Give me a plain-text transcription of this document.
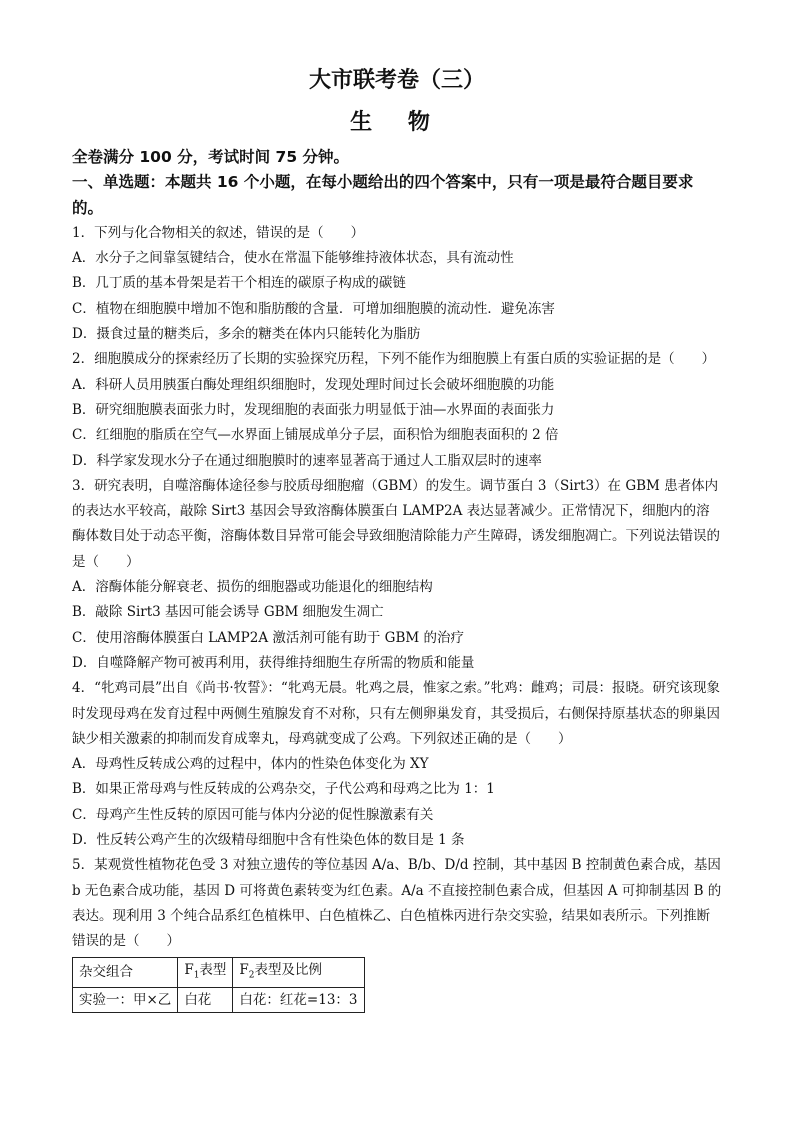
大市联考卷（三）
生 物

全卷满分 100 分，考试时间 75 分钟。

一、单选题：本题共 16 个小题，在每小题给出的四个答案中，只有一项是最符合题目要求的。

1．下列与化合物相关的叙述，错误的是（　　）

A．水分子之间靠氢键结合，使水在常温下能够维持液体状态，具有流动性

B．几丁质的基本骨架是若干个相连的碳原子构成的碳链

C．植物在细胞膜中增加不饱和脂肪酸的含量．可增加细胞膜的流动性．避免冻害

D．摄食过量的糖类后，多余的糖类在体内只能转化为脂肪

2．细胞膜成分的探索经历了长期的实验探究历程，下列不能作为细胞膜上有蛋白质的实验证据的是（　　）

A．科研人员用胰蛋白酶处理组织细胞时，发现处理时间过长会破坏细胞膜的功能

B．研究细胞膜表面张力时，发现细胞的表面张力明显低于油—水界面的表面张力

C．红细胞的脂质在空气—水界面上铺展成单分子层，面积恰为细胞表面积的 2 倍

D．科学家发现水分子在通过细胞膜时的速率显著高于通过人工脂双层时的速率

3．研究表明，自噬溶酶体途径参与胶质母细胞瘤（GBM）的发生。调节蛋白 3（Sirt3）在 GBM 患者体内的表达水平较高，敲除 Sirt3 基因会导致溶酶体膜蛋白 LAMP2A 表达显著减少。正常情况下，细胞内的溶酶体数目处于动态平衡，溶酶体数目异常可能会导致细胞清除能力产生障碍，诱发细胞凋亡。下列说法错误的是（　　）

A．溶酶体能分解衰老、损伤的细胞器或功能退化的细胞结构

B．敲除 Sirt3 基因可能会诱导 GBM 细胞发生凋亡

C．使用溶酶体膜蛋白 LAMP2A 激活剂可能有助于 GBM 的治疗

D．自噬降解产物可被再利用，获得维持细胞生存所需的物质和能量

4．“牝鸡司晨”出自《尚书·牧誓》：“牝鸡无晨。牝鸡之晨，惟家之索。”牝鸡：雌鸡；司晨：报晓。研究该现象时发现母鸡在发育过程中两侧生殖腺发育不对称，只有左侧卵巢发育，其受损后，右侧保持原基状态的卵巢因缺少相关激素的抑制而发育成睾丸，母鸡就变成了公鸡。下列叙述正确的是（　　）

A．母鸡性反转成公鸡的过程中，体内的性染色体变化为 XY

B．如果正常母鸡与性反转成的公鸡杂交，子代公鸡和母鸡之比为 1：1

C．母鸡产生性反转的原因可能与体内分泌的促性腺激素有关

D．性反转公鸡产生的次级精母细胞中含有性染色体的数目是 1 条

5．某观赏性植物花色受 3 对独立遗传的等位基因 A/a、B/b、D/d 控制，其中基因 B 控制黄色素合成，基因 b 无色素合成功能，基因 D 可将黄色素转变为红色素。A/a 不直接控制色素合成，但基因 A 可抑制基因 B 的表达。现利用 3 个纯合品系红色植株甲、白色植株乙、白色植株丙进行杂交实验，结果如表所示。下列推断错误的是（　　）

杂交组合	$F_1$表型	$F_2$表型及比例
实验一：甲×乙	白花	白花：红花=13：3
